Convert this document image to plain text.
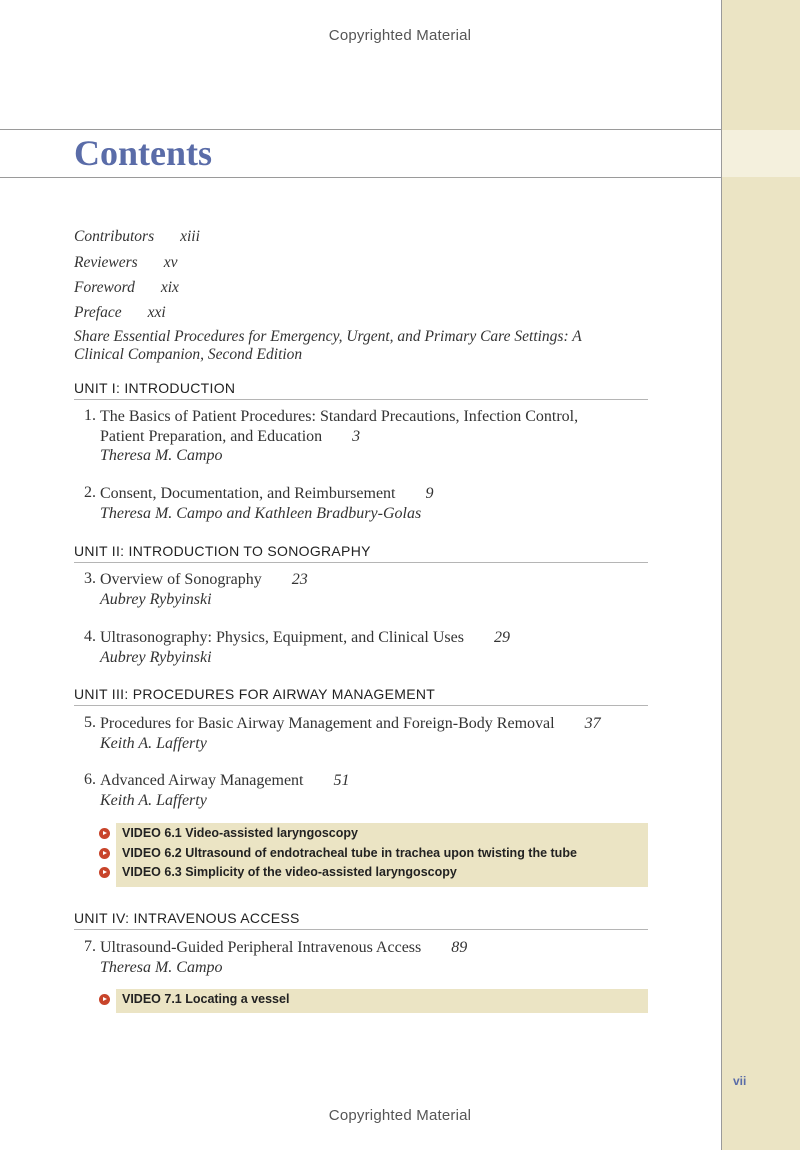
Copyrighted Material
Contents
Contributors xiii
Reviewers xv
Foreword xix
Preface xxi
Share Essential Procedures for Emergency, Urgent, and Primary Care Settings: A
Clinical Companion, Second Edition
UNIT I: INTRODUCTION
1. The Basics of Patient Procedures: Standard Precautions, Infection Control,
Patient Preparation, and Education 3
Theresa M. Campo
2. Consent, Documentation, and Reimbursement 9
Theresa M. Campo and Kathleen Bradbury-Golas
UNIT II: INTRODUCTION TO SONOGRAPHY
3. Overview of Sonography 23
Aubrey Rybyinski
4. Ultrasonography: Physics, Equipment, and Clinical Uses 29
Aubrey Rybyinski
UNIT III: PROCEDURES FOR AIRWAY MANAGEMENT
5. Procedures for Basic Airway Management and Foreign-Body Removal 37
Keith A. Lafferty
6. Advanced Airway Management 51
Keith A. Lafferty
VIDEO 6.1 Video-assisted laryngoscopy
VIDEO 6.2 Ultrasound of endotracheal tube in trachea upon twisting the tube
VIDEO 6.3 Simplicity of the video-assisted laryngoscopy
UNIT IV: INTRAVENOUS ACCESS
7. Ultrasound-Guided Peripheral Intravenous Access 89
Theresa M. Campo
VIDEO 7.1 Locating a vessel
vii
Copyrighted Material
